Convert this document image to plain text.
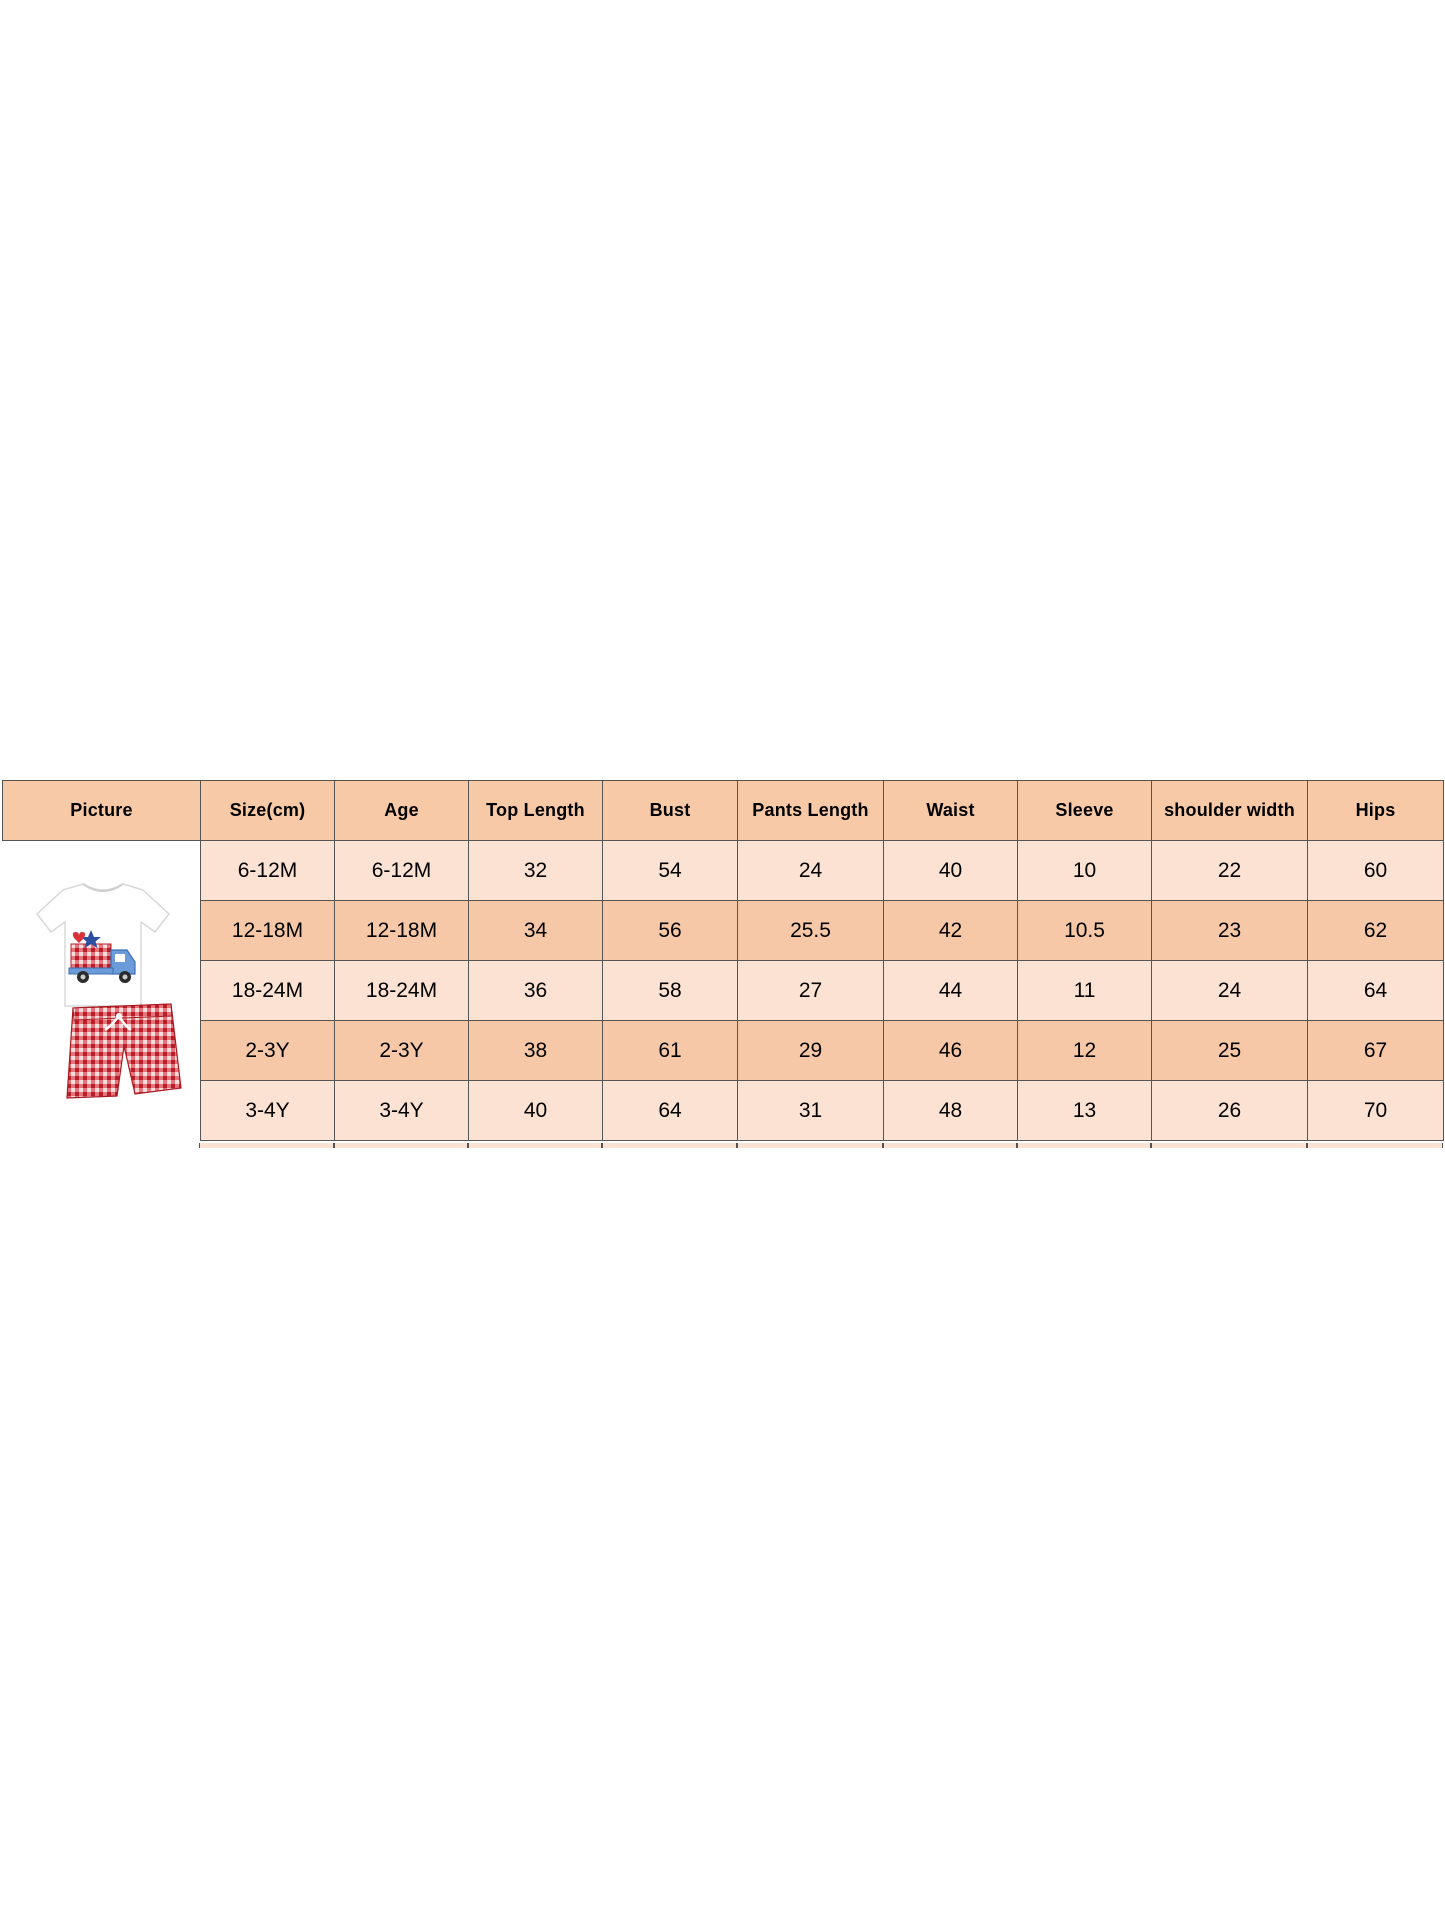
Picture	Size(cm)	Age	Top Length	Bust	Pants Length	Waist	Sleeve	shoulder width	Hips

	6-12M	6-12M	32	54	24	40	10	22	60
	12-18M	12-18M	34	56	25.5	42	10.5	23	62
	18-24M	18-24M	36	58	27	44	11	24	64
	2-3Y	2-3Y	38	61	29	46	12	25	67
	3-4Y	3-4Y	40	64	31	48	13	26	70
